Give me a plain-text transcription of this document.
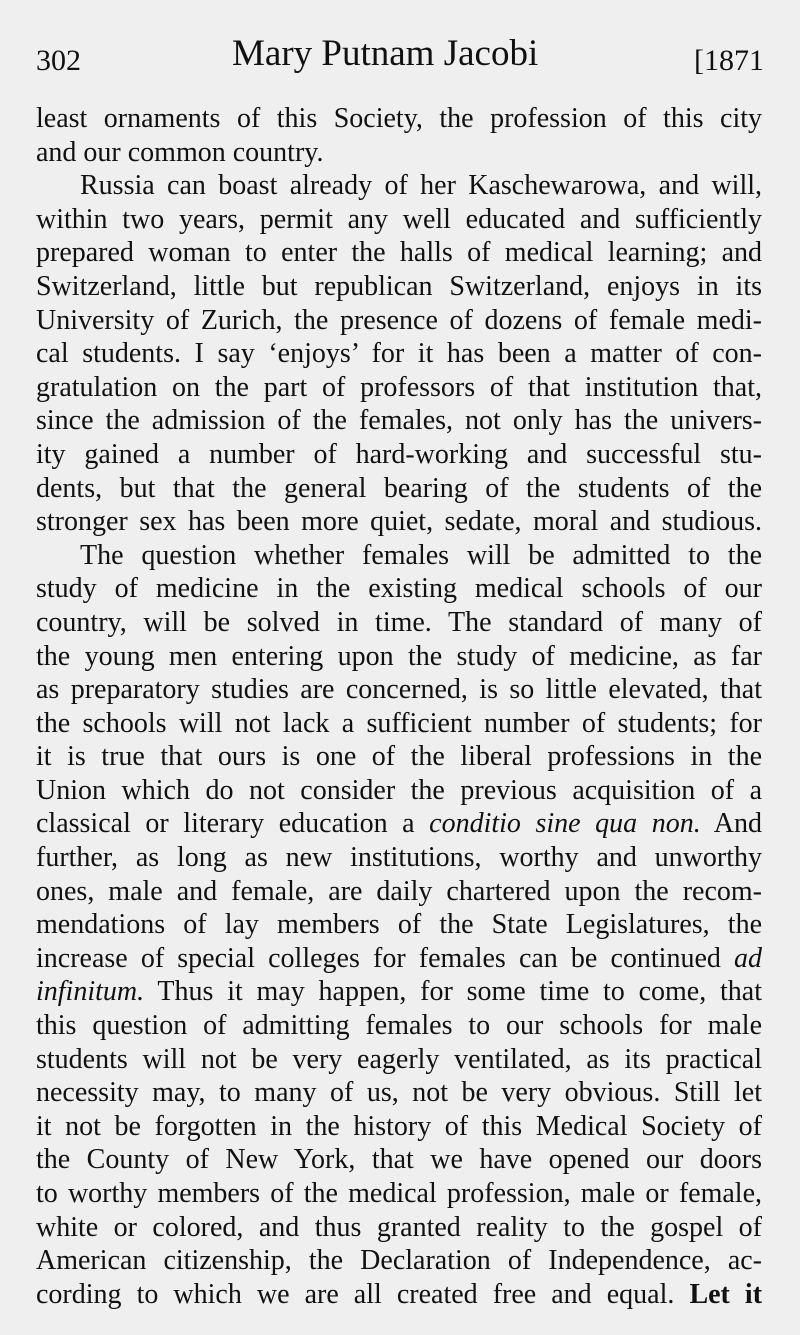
302	Mary Putnam Jacobi	[1871
least ornaments of this Society, the profession of this city
and our common country.
Russia can boast already of her Kaschewarowa, and will,
within two years, permit any well educated and sufficiently
prepared woman to enter the halls of medical learning; and
Switzerland, little but republican Switzerland, enjoys in its
University of Zurich, the presence of dozens of female medi-
cal students. I say ‘enjoys’ for it has been a matter of con-
gratulation on the part of professors of that institution that,
since the admission of the females, not only has the univers-
ity gained a number of hard-working and successful stu-
dents, but that the general bearing of the students of the
stronger sex has been more quiet, sedate, moral and studious.
The question whether females will be admitted to the
study of medicine in the existing medical schools of our
country, will be solved in time. The standard of many of
the young men entering upon the study of medicine, as far
as preparatory studies are concerned, is so little elevated, that
the schools will not lack a sufficient number of students; for
it is true that ours is one of the liberal professions in the
Union which do not consider the previous acquisition of a
classical or literary education a conditio sine qua non. And
further, as long as new institutions, worthy and unworthy
ones, male and female, are daily chartered upon the recom-
mendations of lay members of the State Legislatures, the
increase of special colleges for females can be continued ad
infinitum. Thus it may happen, for some time to come, that
this question of admitting females to our schools for male
students will not be very eagerly ventilated, as its practical
necessity may, to many of us, not be very obvious. Still let
it not be forgotten in the history of this Medical Society of
the County of New York, that we have opened our doors
to worthy members of the medical profession, male or female,
white or colored, and thus granted reality to the gospel of
American citizenship, the Declaration of Independence, ac-
cording to which we are all created free and equal. Let it
